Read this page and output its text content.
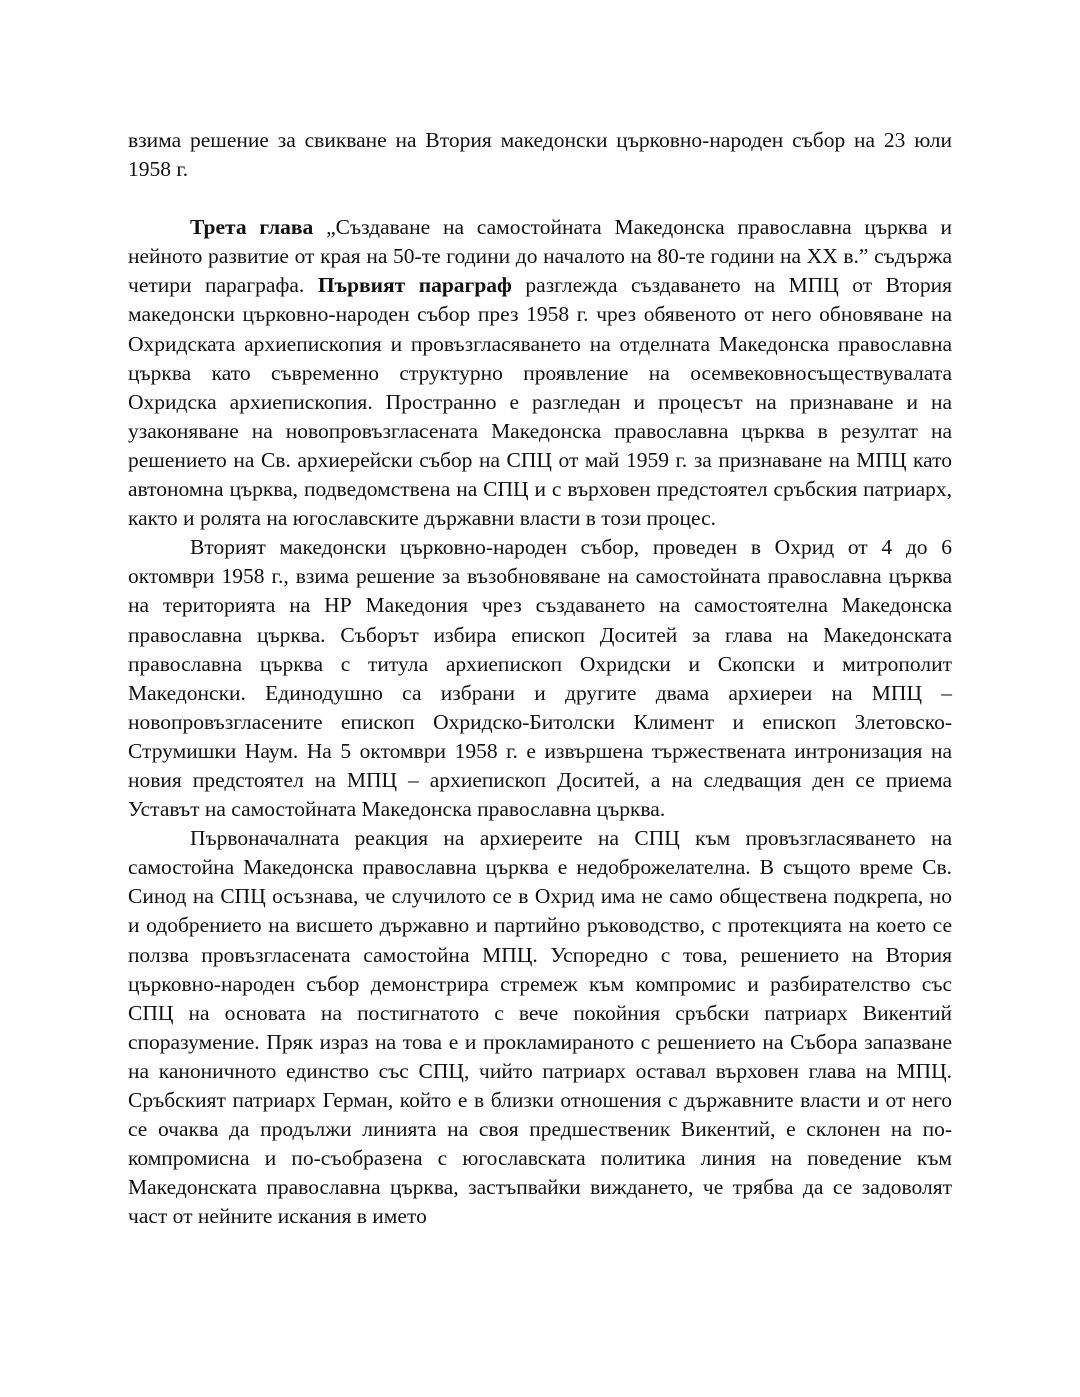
взима решение за свикване на Втория македонски църковно-народен събор на 23 юли 1958 г.

Трета глава „Създаване на самостойната Македонска православна църква и нейното развитие от края на 50-те години до началото на 80-те години на ХХ в.” съдържа четири параграфа. Първият параграф разглежда създаването на МПЦ от Втория македонски църковно-народен събор през 1958 г. чрез обявеното от него обновяване на Охридската архиепископия и провъзгласяването на отделната Македонска православна църква като съвременно структурно проявление на осемвековносъществувалата Охридска архиепископия. Пространно е разгледан и процесът на признаване и на узаконяване на новопровъзгласената Македонска православна църква в резултат на решението на Св. архиерейски събор на СПЦ от май 1959 г. за признаване на МПЦ като автономна църква, подведомствена на СПЦ и с върховен предстоятел сръбския патриарх, както и ролята на югославските държавни власти в този процес.

Вторият македонски църковно-народен събор, проведен в Охрид от 4 до 6 октомври 1958 г., взима решение за възобновяване на самостойната православна църква на територията на НР Македония чрез създаването на самостоятелна Македонска православна църква. Съборът избира епископ Доситей за глава на Македонската православна църква с титула архиепископ Охридски и Скопски и митрополит Македонски. Единодушно са избрани и другите двама архиереи на МПЦ – новопровъзгласените епископ Охридско-Битолски Климент и епископ Злетовско-Струмишки Наум. На 5 октомври 1958 г. е извършена тържествената интронизация на новия предстоятел на МПЦ – архиепископ Доситей, а на следващия ден се приема Уставът на самостойната Македонска православна църква.

Първоначалната реакция на архиереите на СПЦ към провъзгласяването на самостойна Македонска православна църква е недоброжелателна. В същото време Св. Синод на СПЦ осъзнава, че случилото се в Охрид има не само обществена подкрепа, но и одобрението на висшето държавно и партийно ръководство, с протекцията на което се ползва провъзгласената самостойна МПЦ. Успоредно с това, решението на Втория църковно-народен събор демонстрира стремеж към компромис и разбирателство със СПЦ на основата на постигнатото с вече покойния сръбски патриарх Викентий споразумение. Пряк израз на това е и прокламираното с решението на Събора запазване на каноничното единство със СПЦ, чийто патриарх оставал върховен глава на МПЦ. Сръбският патриарх Герман, който е в близки отношения с държавните власти и от него се очаква да продължи линията на своя предшественик Викентий, е склонен на по-компромисна и по-съобразена с югославската политика линия на поведение към Македонската православна църква, застъпвайки виждането, че трябва да се задоволят част от нейните искания в името
